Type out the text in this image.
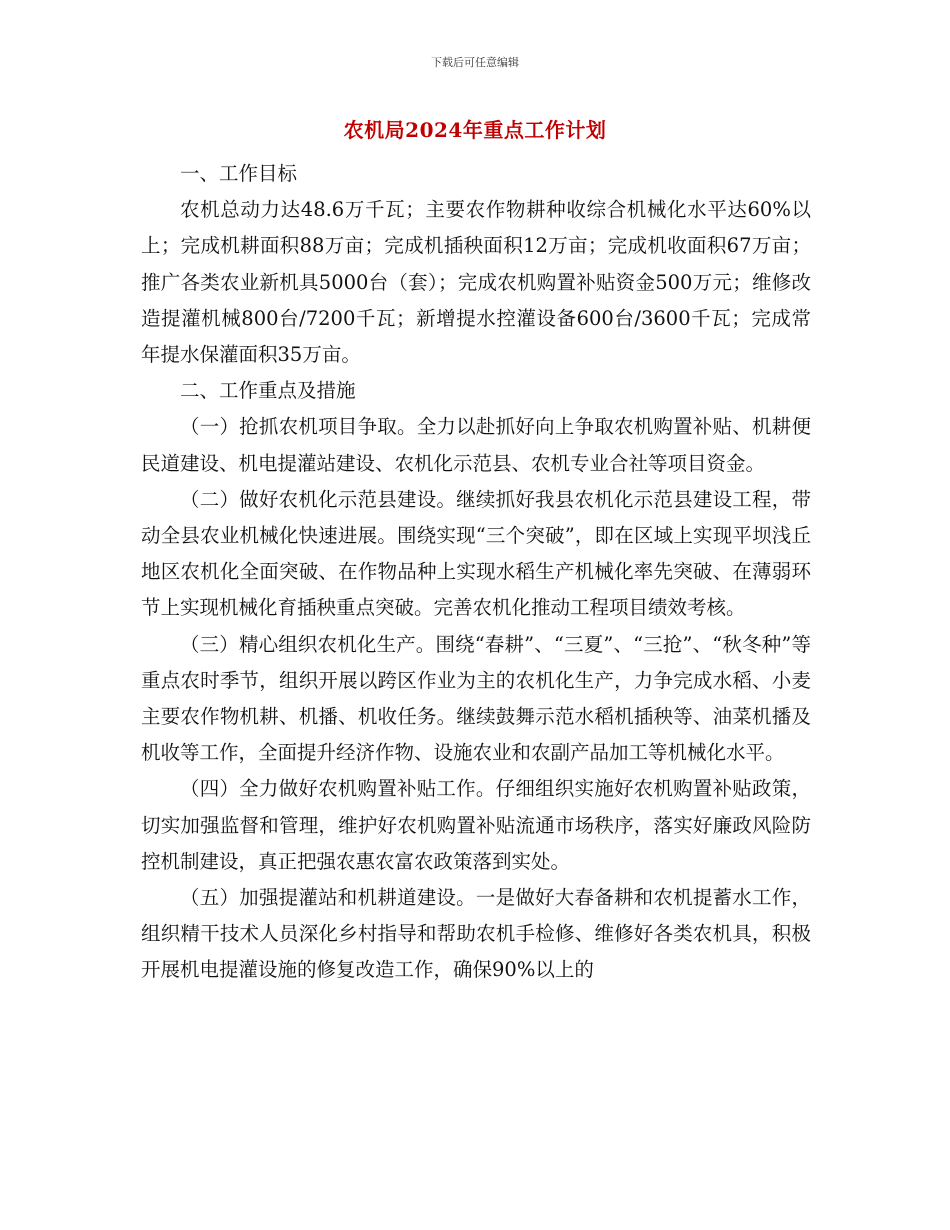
下载后可任意编辑
农机局2024年重点工作计划

一、工作目标

农机总动力达48.6万千瓦；主要农作物耕种收综合机械化水平达60%以上；完成机耕面积88万亩；完成机插秧面积12万亩；完成机收面积67万亩；推广各类农业新机具5000台（套）；完成农机购置补贴资金500万元；维修改造提灌机械800台/7200千瓦；新增提水控灌设备600台/3600千瓦；完成常年提水保灌面积35万亩。

二、工作重点及措施

（一）抢抓农机项目争取。全力以赴抓好向上争取农机购置补贴、机耕便民道建设、机电提灌站建设、农机化示范县、农机专业合社等项目资金。

（二）做好农机化示范县建设。继续抓好我县农机化示范县建设工程，带动全县农业机械化快速进展。围绕实现“三个突破”，即在区域上实现平坝浅丘地区农机化全面突破、在作物品种上实现水稻生产机械化率先突破、在薄弱环节上实现机械化育插秧重点突破。完善农机化推动工程项目绩效考核。

（三）精心组织农机化生产。围绕“春耕”、“三夏”、“三抢”、“秋冬种”等重点农时季节，组织开展以跨区作业为主的农机化生产，力争完成水稻、小麦主要农作物机耕、机播、机收任务。继续鼓舞示范水稻机插秧等、油菜机播及机收等工作，全面提升经济作物、设施农业和农副产品加工等机械化水平。

（四）全力做好农机购置补贴工作。仔细组织实施好农机购置补贴政策，切实加强监督和管理，维护好农机购置补贴流通市场秩序，落实好廉政风险防控机制建设，真正把强农惠农富农政策落到实处。

（五）加强提灌站和机耕道建设。一是做好大春备耕和农机提蓄水工作，组织精干技术人员深化乡村指导和帮助农机手检修、维修好各类农机具，积极开展机电提灌设施的修复改造工作，确保90%以上的
